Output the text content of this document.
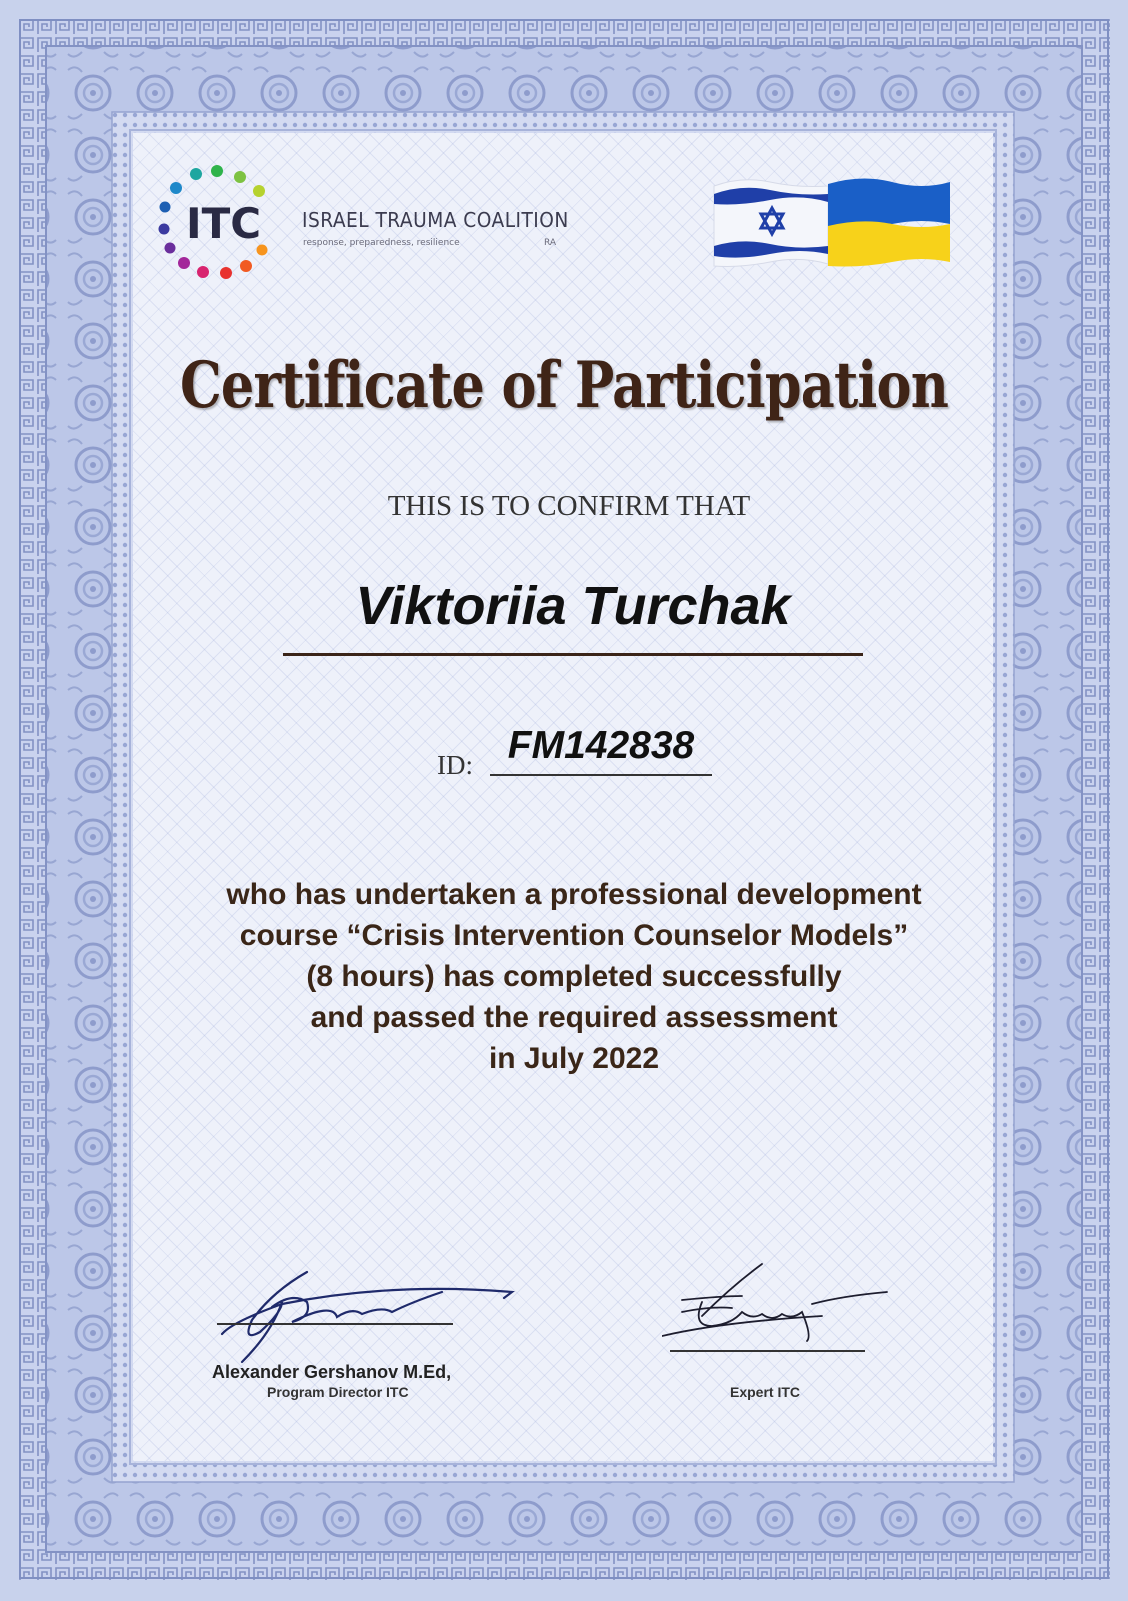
ITC ISRAEL TRAUMA COALITION
response, preparedness, resilience	RA
Certificate of Participation
THIS IS TO CONFIRM THAT
Viktoriia Turchak
ID: FM142838
who has undertaken a professional development
course “Crisis Intervention Counselor Models”
(8 hours) has completed successfully
and passed the required assessment
in July 2022
Alexander Gershanov M.Ed,
Program Director ITC	Expert ITC
